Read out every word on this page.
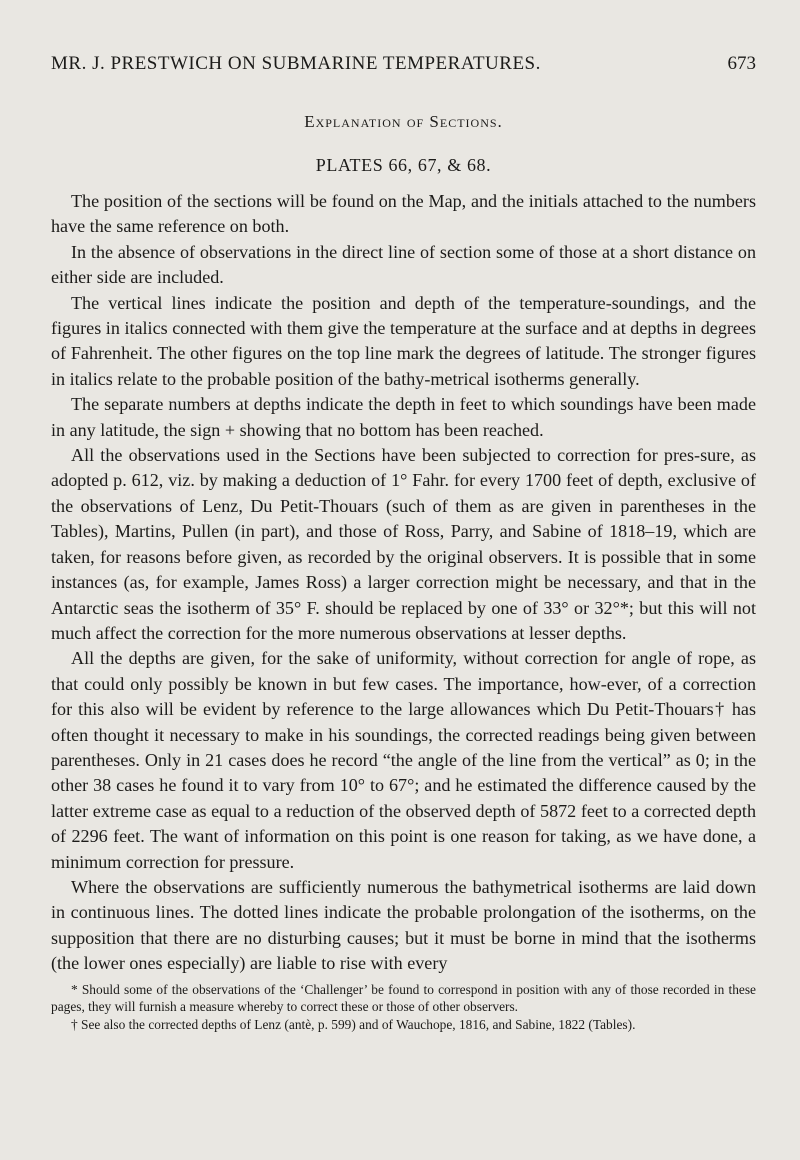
MR. J. PRESTWICH ON SUBMARINE TEMPERATURES.	673
Explanation of Sections.
PLATES 66, 67, & 68.

The position of the sections will be found on the Map, and the initials attached to the numbers have the same reference on both.

In the absence of observations in the direct line of section some of those at a short distance on either side are included.

The vertical lines indicate the position and depth of the temperature-soundings, and the figures in italics connected with them give the temperature at the surface and at depths in degrees of Fahrenheit. The other figures on the top line mark the degrees of latitude. The stronger figures in italics relate to the probable position of the bathy-metrical isotherms generally.

The separate numbers at depths indicate the depth in feet to which soundings have been made in any latitude, the sign + showing that no bottom has been reached.

All the observations used in the Sections have been subjected to correction for pres-sure, as adopted p. 612, viz. by making a deduction of 1° Fahr. for every 1700 feet of depth, exclusive of the observations of Lenz, Du Petit-Thouars (such of them as are given in parentheses in the Tables), Martins, Pullen (in part), and those of Ross, Parry, and Sabine of 1818–19, which are taken, for reasons before given, as recorded by the original observers. It is possible that in some instances (as, for example, James Ross) a larger correction might be necessary, and that in the Antarctic seas the isotherm of 35° F. should be replaced by one of 33° or 32°*; but this will not much affect the correction for the more numerous observations at lesser depths.

All the depths are given, for the sake of uniformity, without correction for angle of rope, as that could only possibly be known in but few cases. The importance, how-ever, of a correction for this also will be evident by reference to the large allowances which Du Petit-Thouars† has often thought it necessary to make in his soundings, the corrected readings being given between parentheses. Only in 21 cases does he record “the angle of the line from the vertical” as 0; in the other 38 cases he found it to vary from 10° to 67°; and he estimated the difference caused by the latter extreme case as equal to a reduction of the observed depth of 5872 feet to a corrected depth of 2296 feet. The want of information on this point is one reason for taking, as we have done, a minimum correction for pressure.

Where the observations are sufficiently numerous the bathymetrical isotherms are laid down in continuous lines. The dotted lines indicate the probable prolongation of the isotherms, on the supposition that there are no disturbing causes; but it must be borne in mind that the isotherms (the lower ones especially) are liable to rise with every

* Should some of the observations of the ‘Challenger’ be found to correspond in position with any of those recorded in these pages, they will furnish a measure whereby to correct these or those of other observers.

† See also the corrected depths of Lenz (antè, p. 599) and of Wauchope, 1816, and Sabine, 1822 (Tables).
